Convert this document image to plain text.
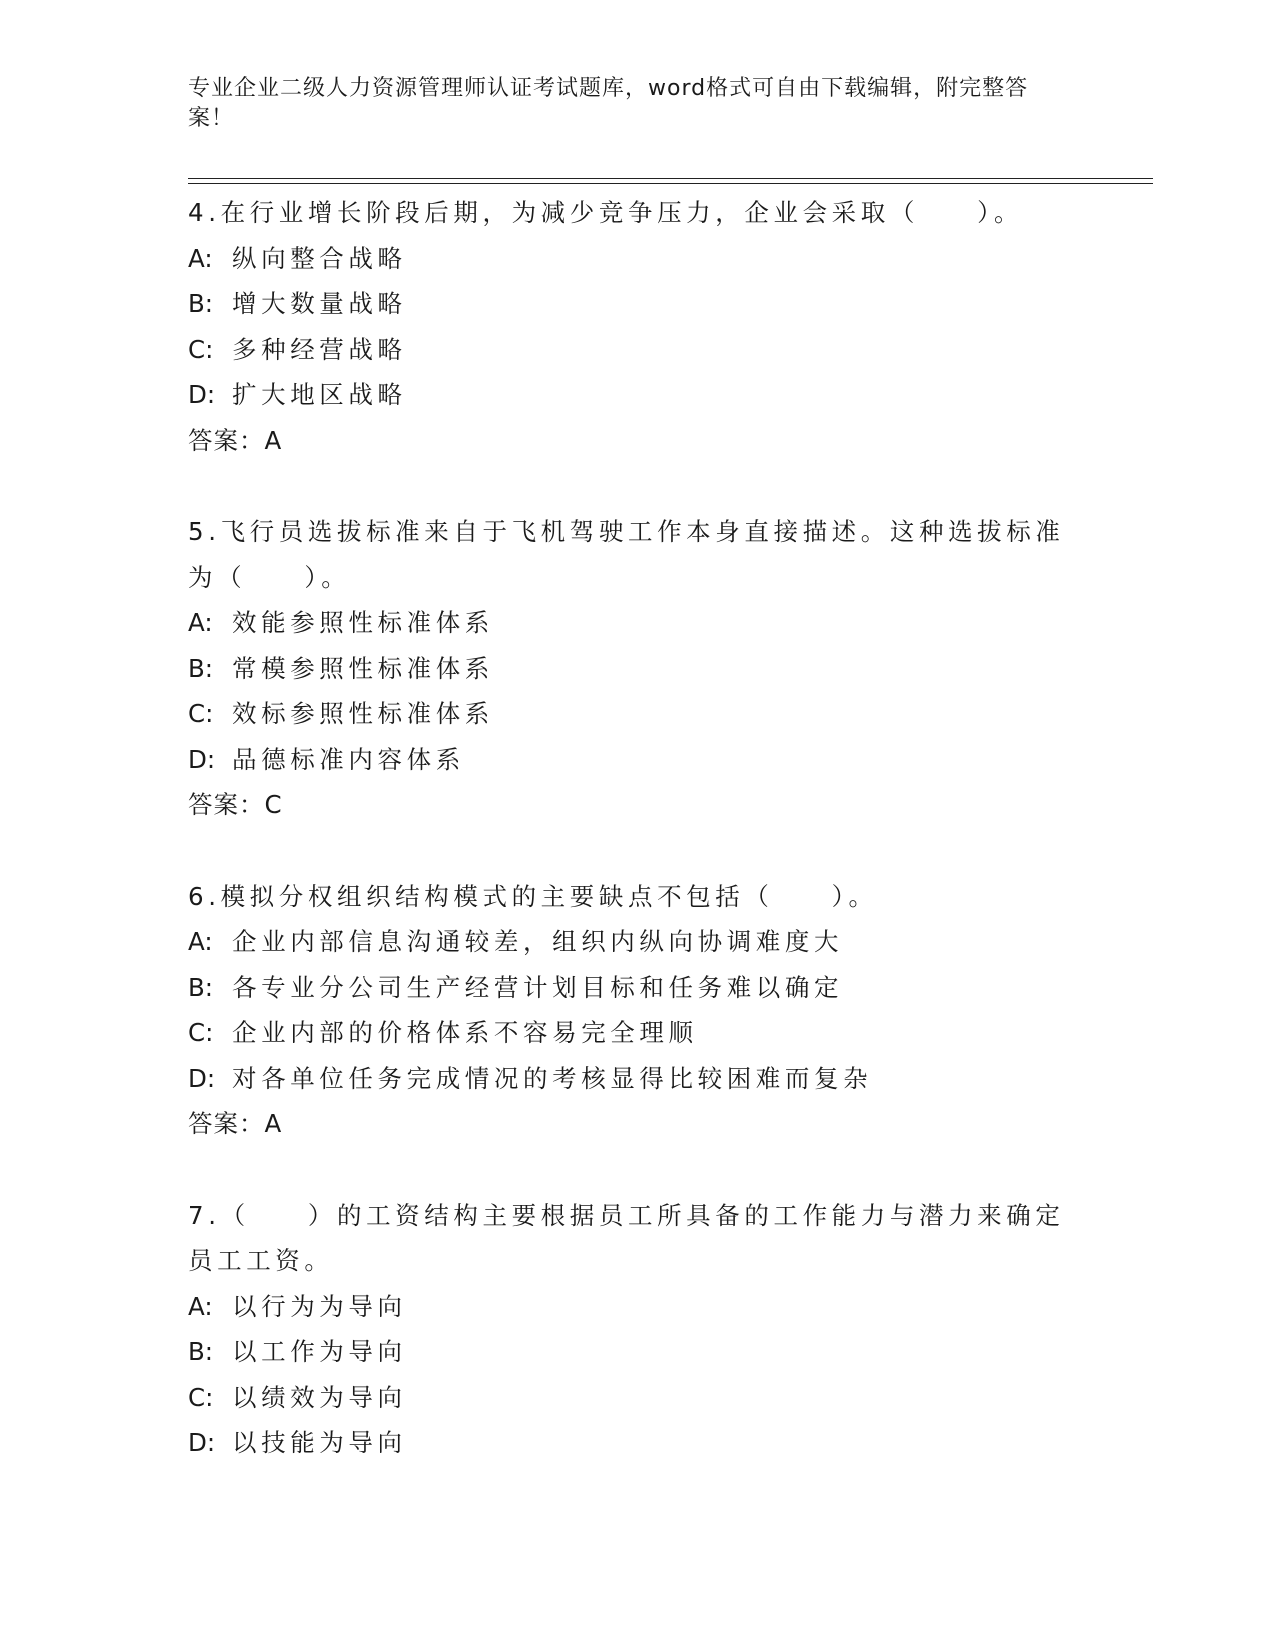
专业企业二级人力资源管理师认证考试题库，word格式可自由下载编辑，附完整答案！
4.在行业增长阶段后期，为减少竞争压力，企业会采取（　　）。
A: 纵向整合战略
B: 增大数量战略
C: 多种经营战略
D: 扩大地区战略
答案：A
5.飞行员选拔标准来自于飞机驾驶工作本身直接描述。这种选拔标准
为（　　）。
A: 效能参照性标准体系
B: 常模参照性标准体系
C: 效标参照性标准体系
D: 品德标准内容体系
答案：C
6.模拟分权组织结构模式的主要缺点不包括（　　）。
A: 企业内部信息沟通较差，组织内纵向协调难度大
B: 各专业分公司生产经营计划目标和任务难以确定
C: 企业内部的价格体系不容易完全理顺
D: 对各单位任务完成情况的考核显得比较困难而复杂
答案：A
7.（　　）的工资结构主要根据员工所具备的工作能力与潜力来确定
员工工资。
A: 以行为为导向
B: 以工作为导向
C: 以绩效为导向
D: 以技能为导向
